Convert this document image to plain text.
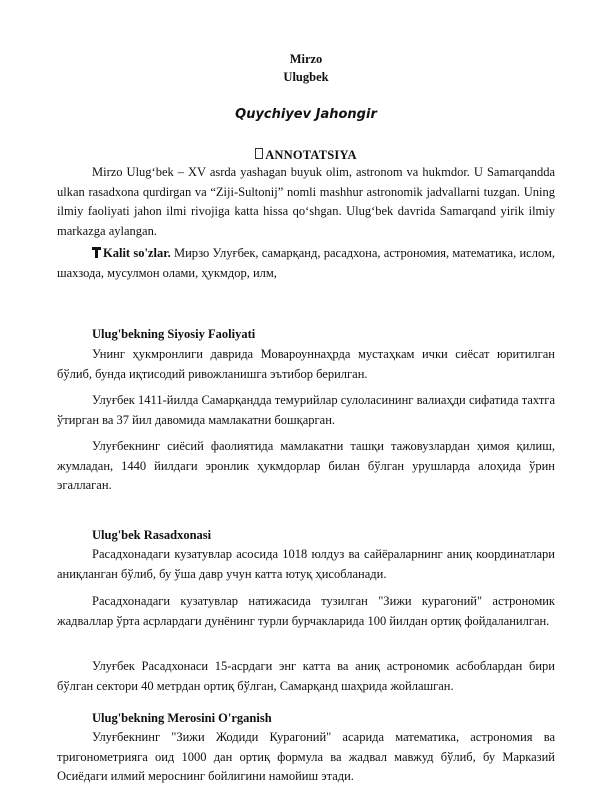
Mirzo
Ulugbek
Quychiyev Jahongir
ANNOTATSIYA

Mirzo Ulug‘bek – XV asrda yashagan buyuk olim, astronom va hukmdor. U Samarqandda ulkan rasadxona qurdirgan va “Ziji-Sultonij” nomli mashhur astronomik jadvallarni tuzgan. Uning ilmiy faoliyati jahon ilmi rivojiga katta hissa qo‘shgan. Ulug‘bek davrida Samarqand yirik ilmiy markazga aylangan.

Kalit so'zlar. Мирзо Улуғбек, самарқанд, расадхона, астрономия, математика, ислом, шахзода, мусулмон олами, ҳукмдор, илм,

Ulug'bekning Siyosiy Faoliyati

Унинг ҳукмронлиги даврида Мовароуннаҳрда мустаҳкам ички сиёсат юритилган бўлиб, бунда иқтисодий ривожланишга эътибор берилган.

Улуғбек 1411-йилда Самарқандда темурийлар сулоласининг валиаҳди сифатида тахтга ўтирган ва 37 йил давомида мамлакатни бошқарган.

Улуғбекнинг сиёсий фаолиятида мамлакатни ташқи тажовузлардан ҳимоя қилиш, жумладан, 1440 йилдаги эронлик ҳукмдорлар билан бўлган урушларда алоҳида ўрин эгаллаган.

Ulug'bek Rasadxonasi

Расадхонадаги кузатувлар асосида 1018 юлдуз ва сайёраларнинг аниқ координатлари аниқланган бўлиб, бу ўша давр учун катта ютуқ ҳисобланади.

Расадхонадаги кузатувлар натижасида тузилган "Зижи курагоний" астрономик жадваллар ўрта асрлардаги дунёнинг турли бурчакларида 100 йилдан ортиқ фойдаланилган.

Улуғбек Расадхонаси 15-асрдаги энг катта ва аниқ астрономик асбоблардан бири бўлган сектори 40 метрдан ортиқ бўлган, Самарқанд шаҳрида жойлашган.

Ulug'bekning Merosini O'rganish

Улуғбекнинг "Зижи Жодиди Курагоний" асарида математика, астрономия ва тригонометрияга оид 1000 дан ортиқ формула ва жадвал мавжуд бўлиб, бу Марказий Осиёдаги илмий мероснинг бойлигини намойиш этади.
